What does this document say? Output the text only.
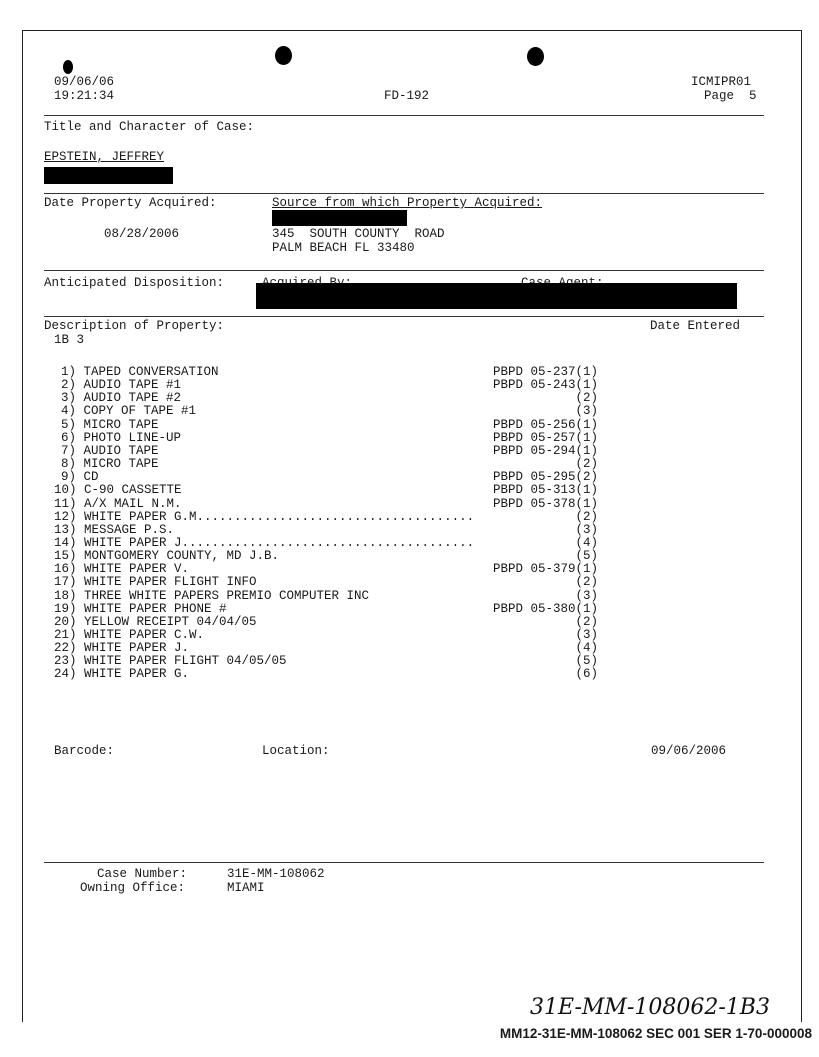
09/06/06
19:21:34	FD-192
ICMIPR01
Page  5
Title and Character of Case:
EPSTEIN, JEFFREY
Date Property Acquired:	Source from which Property Acquired:
08/28/2006	345  SOUTH COUNTY  ROAD
PALM BEACH FL 33480
Anticipated Disposition:
Description of Property:	Date Entered
1B 3
1) TAPED CONVERSATION	PBPD 05-237(1)
2) AUDIO TAPE #1	PBPD 05-243(1)
3) AUDIO TAPE #2	(2)
4) COPY OF TAPE #1	(3)
5) MICRO TAPE	PBPD 05-256(1)
6) PHOTO LINE-UP	PBPD 05-257(1)
7) AUDIO TAPE	PBPD 05-294(1)
8) MICRO TAPE	(2)
9) CD	PBPD 05-295(2)
10) C-90 CASSETTE	PBPD 05-313(1)
11) A/X MAIL N.M.	PBPD 05-378(1)
12) WHITE PAPER G.M.....................................	(2)
13) MESSAGE P.S.	(3)
14) WHITE PAPER J.......................................	(4)
15) MONTGOMERY COUNTY, MD J.B.	(5)
16) WHITE PAPER V.	PBPD 05-379(1)
17) WHITE PAPER FLIGHT INFO	(2)
18) THREE WHITE PAPERS PREMIO COMPUTER INC	(3)
19) WHITE PAPER PHONE #	PBPD 05-380(1)
20) YELLOW RECEIPT 04/04/05	(2)
21) WHITE PAPER C.W.	(3)
22) WHITE PAPER J.	(4)
23) WHITE PAPER FLIGHT 04/05/05	(5)
24) WHITE PAPER G.	(6)
Barcode:	Location:	09/06/2006
Case Number:	31E-MM-108062
Owning Office:	MIAMI
31E-MM-108062-1B3
MM12-31E-MM-108062 SEC 001 SER 1-70-000008
